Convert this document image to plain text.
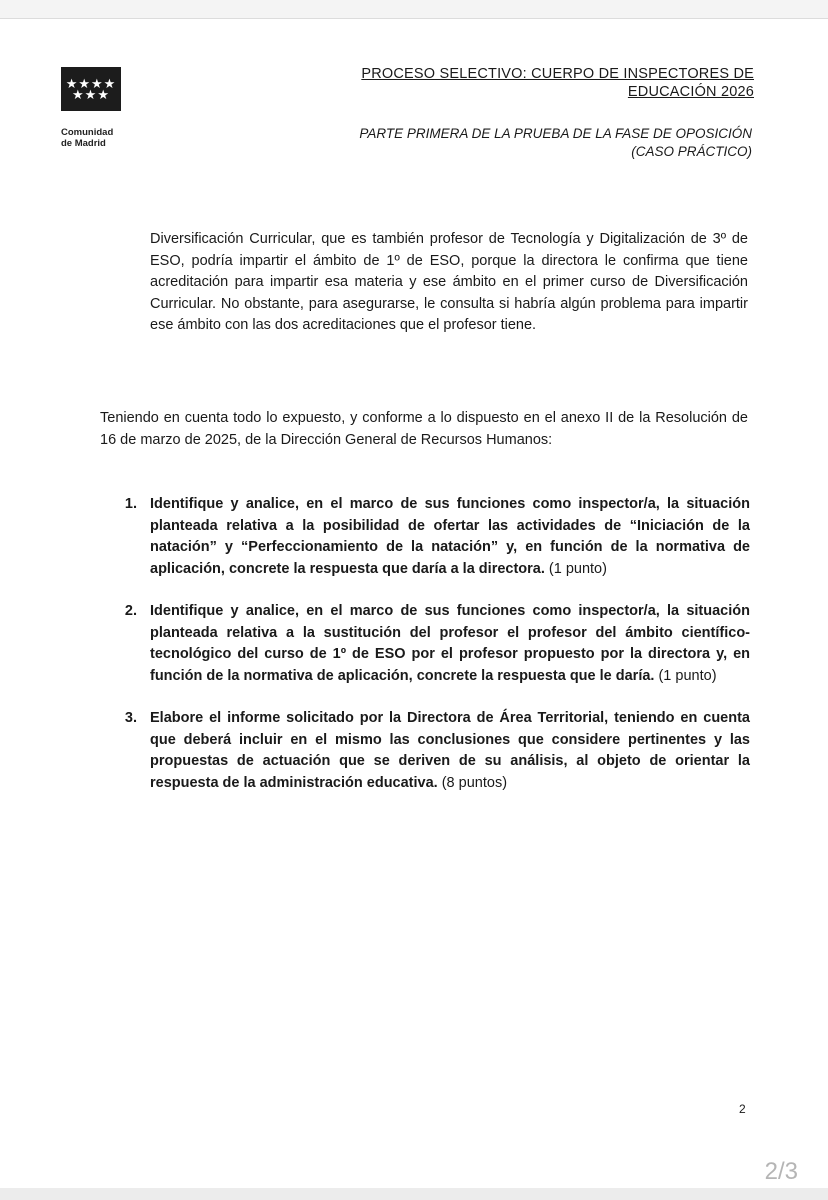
★★★★
★★★
Comunidad
de Madrid
PROCESO SELECTIVO: CUERPO DE INSPECTORES DE
EDUCACIÓN 2026
PARTE PRIMERA DE LA PRUEBA DE LA FASE DE OPOSICIÓN
(CASO PRÁCTICO)

Diversificación Curricular, que es también profesor de Tecnología y Digitalización de 3º de ESO, podría impartir el ámbito de 1º de ESO, porque la directora le confirma que tiene acreditación para impartir esa materia y ese ámbito en el primer curso de Diversificación Curricular. No obstante, para asegurarse, le consulta si habría algún problema para impartir ese ámbito con las dos acreditaciones que el profesor tiene.

Teniendo en cuenta todo lo expuesto, y conforme a lo dispuesto en el anexo II de la Resolución de 16 de marzo de 2025, de la Dirección General de Recursos Humanos:

1. Identifique y analice, en el marco de sus funciones como inspector/a, la situación planteada relativa a la posibilidad de ofertar las actividades de “Iniciación de la natación” y “Perfeccionamiento de la natación” y, en función de la normativa de aplicación, concrete la respuesta que daría a la directora. (1 punto)
2. Identifique y analice, en el marco de sus funciones como inspector/a, la situación planteada relativa a la sustitución del profesor el profesor del ámbito científico-tecnológico del curso de 1º de ESO por el profesor propuesto por la directora y, en función de la normativa de aplicación, concrete la respuesta que le daría. (1 punto)
3. Elabore el informe solicitado por la Directora de Área Territorial, teniendo en cuenta que deberá incluir en el mismo las conclusiones que considere pertinentes y las propuestas de actuación que se deriven de su análisis, al objeto de orientar la respuesta de la administración educativa. (8 puntos)
2
2/3
